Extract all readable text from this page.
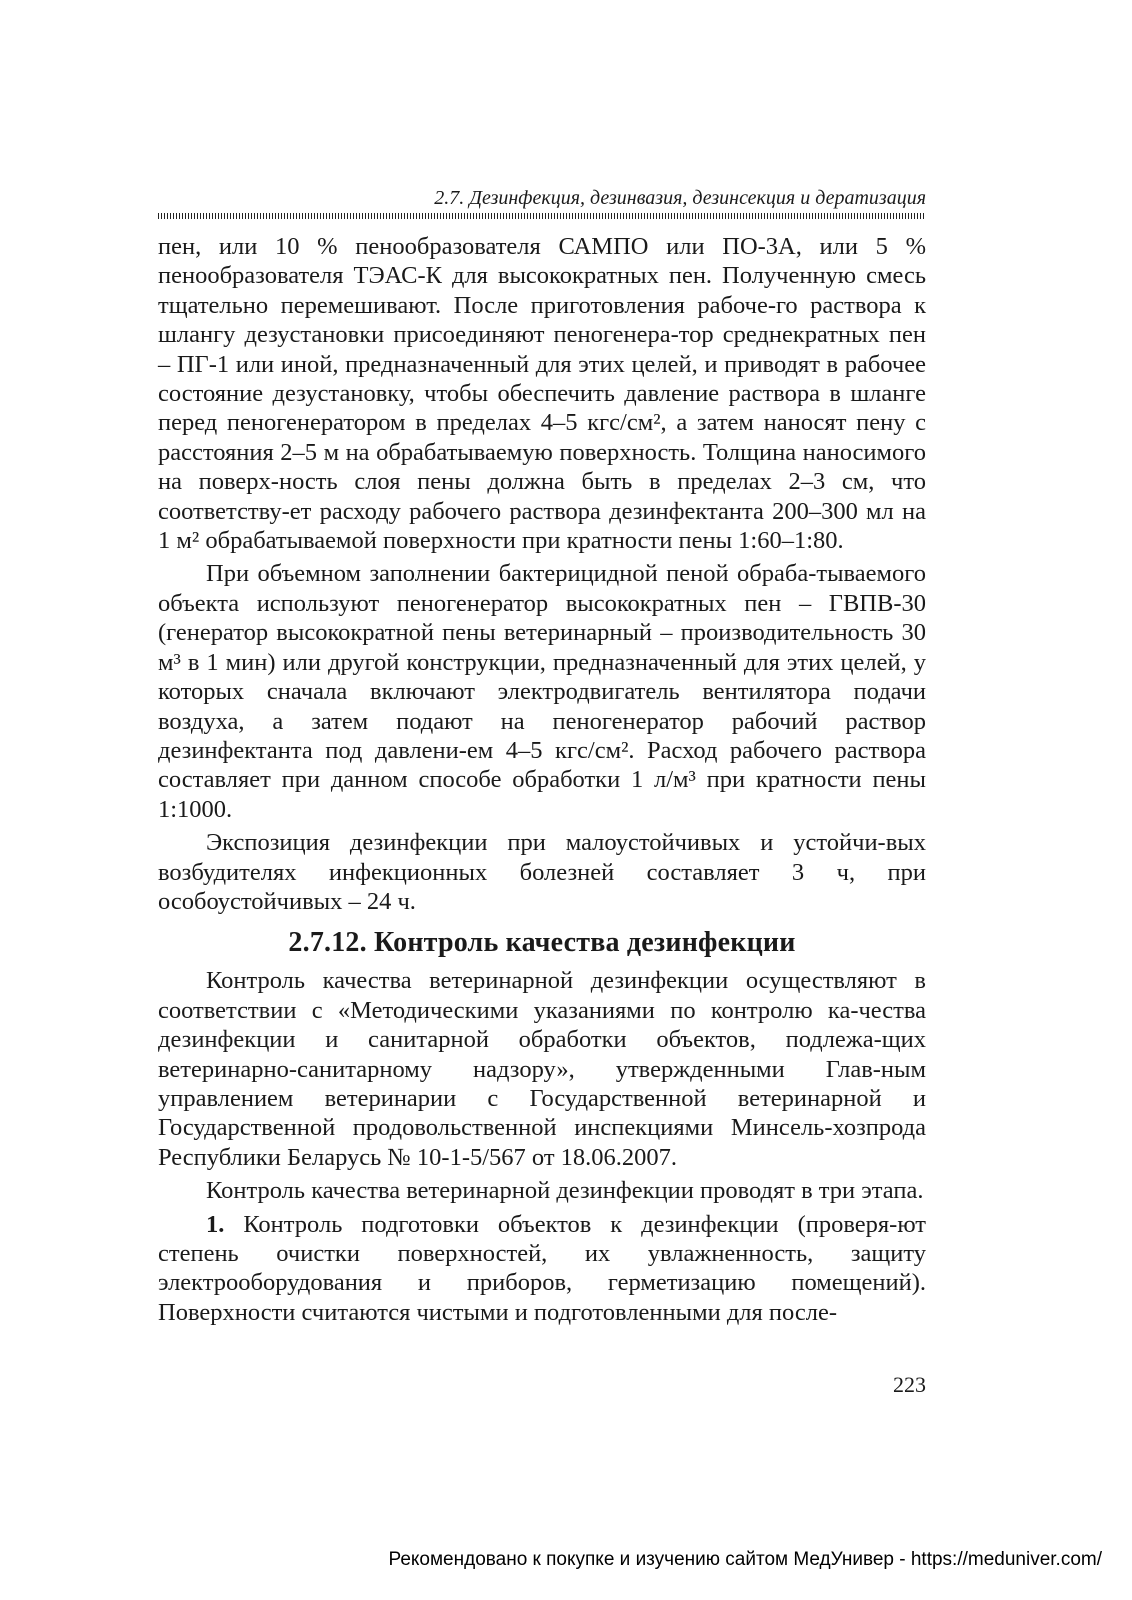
2.7. Дезинфекция, дезинвазия, дезинсекция и дератизация

пен, или 10 % пенообразователя САМПО или ПО-3А, или 5 % пенообразователя ТЭАС-К для высокократных пен. Полученную смесь тщательно перемешивают. После приготовления рабоче-го раствора к шлангу дезустановки присоединяют пеногенера-тор среднекратных пен – ПГ-1 или иной, предназначенный для этих целей, и приводят в рабочее состояние дезустановку, чтобы обеспечить давление раствора в шланге перед пеногенератором в пределах 4–5 кгс/см², а затем наносят пену с расстояния 2–5 м на обрабатываемую поверхность. Толщина наносимого на поверх-ность слоя пены должна быть в пределах 2–3 см, что соответству-ет расходу рабочего раствора дезинфектанта 200–300 мл на 1 м² обрабатываемой поверхности при кратности пены 1:60–1:80.

При объемном заполнении бактерицидной пеной обраба-тываемого объекта используют пеногенератор высокократных пен – ГВПВ-30 (генератор высокократной пены ветеринарный – производительность 30 м³ в 1 мин) или другой конструкции, предназначенный для этих целей, у которых сначала включают электродвигатель вентилятора подачи воздуха, а затем подают на пеногенератор рабочий раствор дезинфектанта под давлени-ем 4–5 кгс/см². Расход рабочего раствора составляет при данном способе обработки 1 л/м³ при кратности пены 1:1000.

Экспозиция дезинфекции при малоустойчивых и устойчи-вых возбудителях инфекционных болезней составляет 3 ч, при особоустойчивых – 24 ч.

2.7.12. Контроль качества дезинфекции

Контроль качества ветеринарной дезинфекции осуществляют в соответствии с «Методическими указаниями по контролю ка-чества дезинфекции и санитарной обработки объектов, подлежа-щих ветеринарно-санитарному надзору», утвержденными Глав-ным управлением ветеринарии с Государственной ветеринарной и Государственной продовольственной инспекциями Минсель-хозпрода Республики Беларусь № 10-1-5/567 от 18.06.2007.

Контроль качества ветеринарной дезинфекции проводят в три этапа.

1. Контроль подготовки объектов к дезинфекции (проверя-ют степень очистки поверхностей, их увлажненность, защиту электрооборудования и приборов, герметизацию помещений). Поверхности считаются чистыми и подготовленными для после-

223
Рекомендовано к покупке и изучению сайтом МедУнивер - https://meduniver.com/
